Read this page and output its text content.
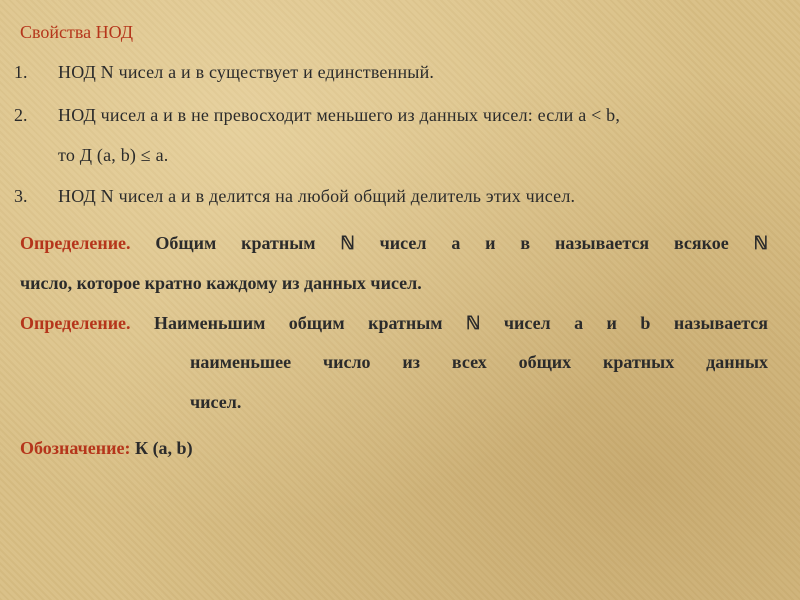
Свойства НОД
1. НОД N чисел а и в существует и единственный.
2. НОД чисел а и в не превосходит меньшего из данных чисел: если а < b,
то Д (а, b) ≤ а.
3. НОД N чисел а и в делится на любой общий делитель этих чисел.
Определение. Общим кратным ℕ чисел а и в называется всякое ℕ
число, которое кратно каждому из данных чисел.
Определение. Наименьшим общим кратным ℕ чисел а и b называется
наименьшее число из всех общих кратных данных
чисел.
Обозначение: К (a, b)
